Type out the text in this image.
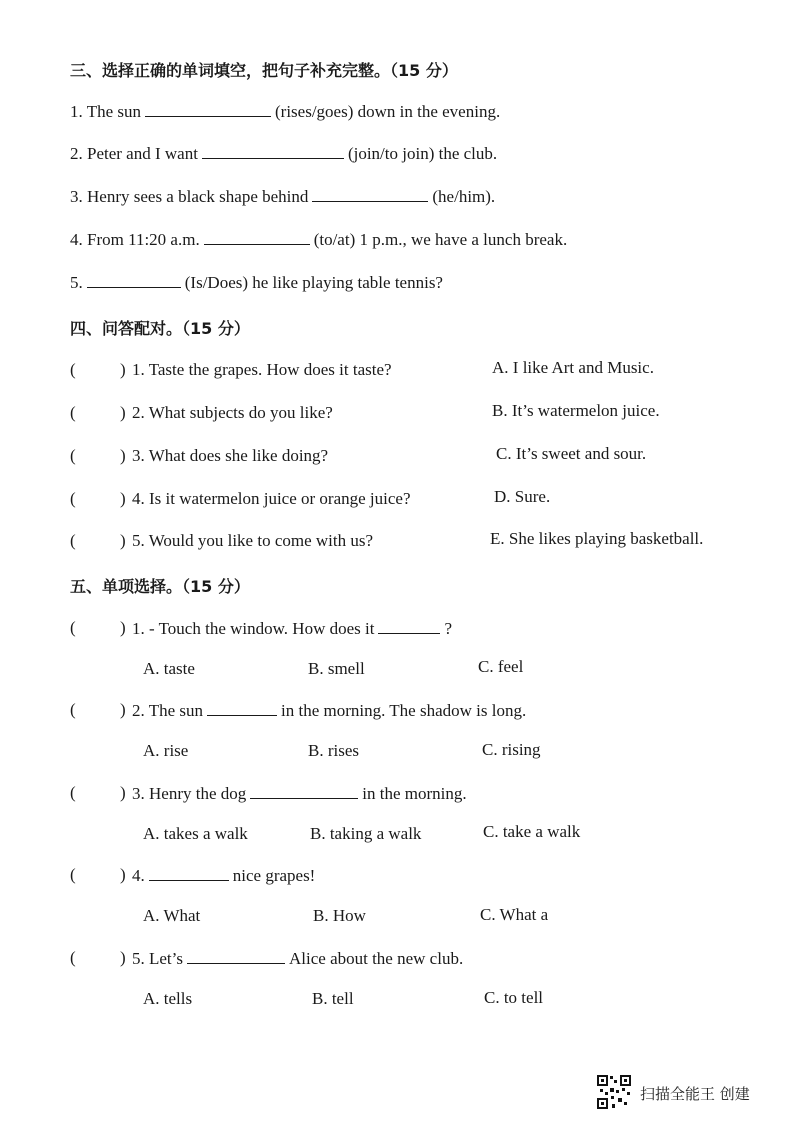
三、选择正确的单词填空，把句子补充完整。（15 分）
1. The sun	(rises/goes) down in the evening.
2. Peter and I want	(join/to join) the club.
3. Henry sees a black shape behind	(he/him).
4. From 11:20 a.m.	(to/at) 1 p.m., we have a lunch break.
5.	(Is/Does) he like playing table tennis?
四、问答配对。（15 分）
(	) 1. Taste the grapes. How does it taste?	A. I like Art and Music.
(	) 2. What subjects do you like?	B. It’s watermelon juice.
(	) 3. What does she like doing?	C. It’s sweet and sour.
(	) 4. Is it watermelon juice or orange juice?	D. Sure.
(	) 5. Would you like to come with us?	E. She likes playing basketball.
五、单项选择。（15 分）
(	) 1. - Touch the window. How does it	?
A. taste	B. smell	C. feel
(	) 2. The sun	in the morning. The shadow is long.
A. rise	B. rises	C. rising
(	) 3. Henry the dog	in the morning.
A. takes a walk	B. taking a walk	C. take a walk
(	) 4.	nice grapes!
A. What	B. How	C. What a
(	) 5. Let’s	Alice about the new club.
A. tells	B. tell	C. to tell
扫描全能王 创建
